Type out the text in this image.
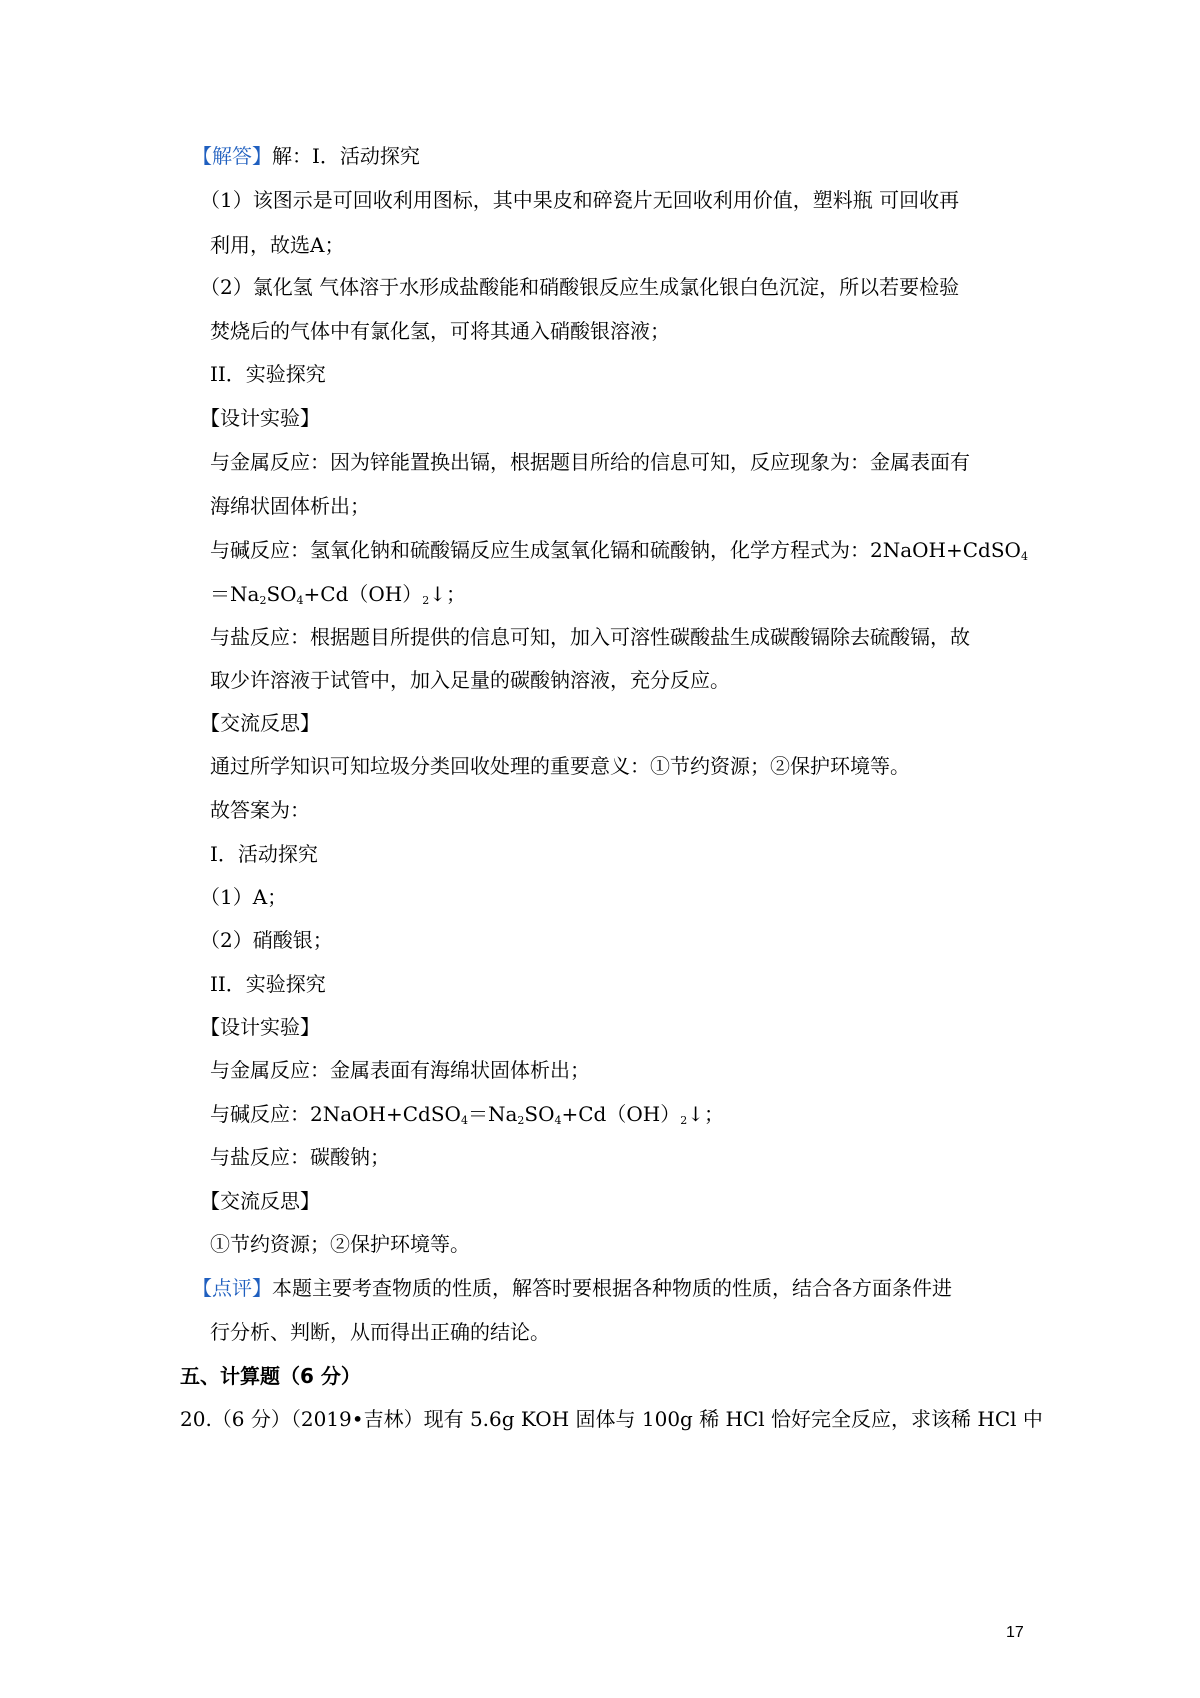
【解答】解：I．活动探究
（1）该图示是可回收利用图标，其中果皮和碎瓷片无回收利用价值，塑料瓶 可回收再
利用，故选A；
（2）氯化氢 气体溶于水形成盐酸能和硝酸银反应生成氯化银白色沉淀，所以若要检验
焚烧后的气体中有氯化氢，可将其通入硝酸银溶液；
II．实验探究
【设计实验】
与金属反应：因为锌能置换出镉，根据题目所给的信息可知，反应现象为：金属表面有
海绵状固体析出；
与碱反应：氢氧化钠和硫酸镉反应生成氢氧化镉和硫酸钠，化学方程式为：2NaOH+CdSO$_4$
$=Na_2SO_4+Cd(OH)_2↓$；
与盐反应：根据题目所提供的信息可知，加入可溶性碳酸盐生成碳酸镉除去硫酸镉，故
取少许溶液于试管中，加入足量的碳酸钠溶液，充分反应。
【交流反思】
通过所学知识可知垃圾分类回收处理的重要意义：①节约资源；②保护环境等。
故答案为：
I．活动探究
（1）A；
（2）硝酸银；
II．实验探究
【设计实验】
与金属反应：金属表面有海绵状固体析出；
与碱反应：$2NaOH+CdSO_4=Na_2SO_4+Cd(OH)_2↓$；
与盐反应：碳酸钠；
【交流反思】
①节约资源；②保护环境等。
【点评】本题主要考查物质的性质，解答时要根据各种物质的性质，结合各方面条件进
行分析、判断，从而得出正确的结论。
五、计算题（6 分）
20.（6 分）（2019•吉林）现有 5.6g KOH 固体与 100g 稀 HCl 恰好完全反应，求该稀 HCl 中
17
